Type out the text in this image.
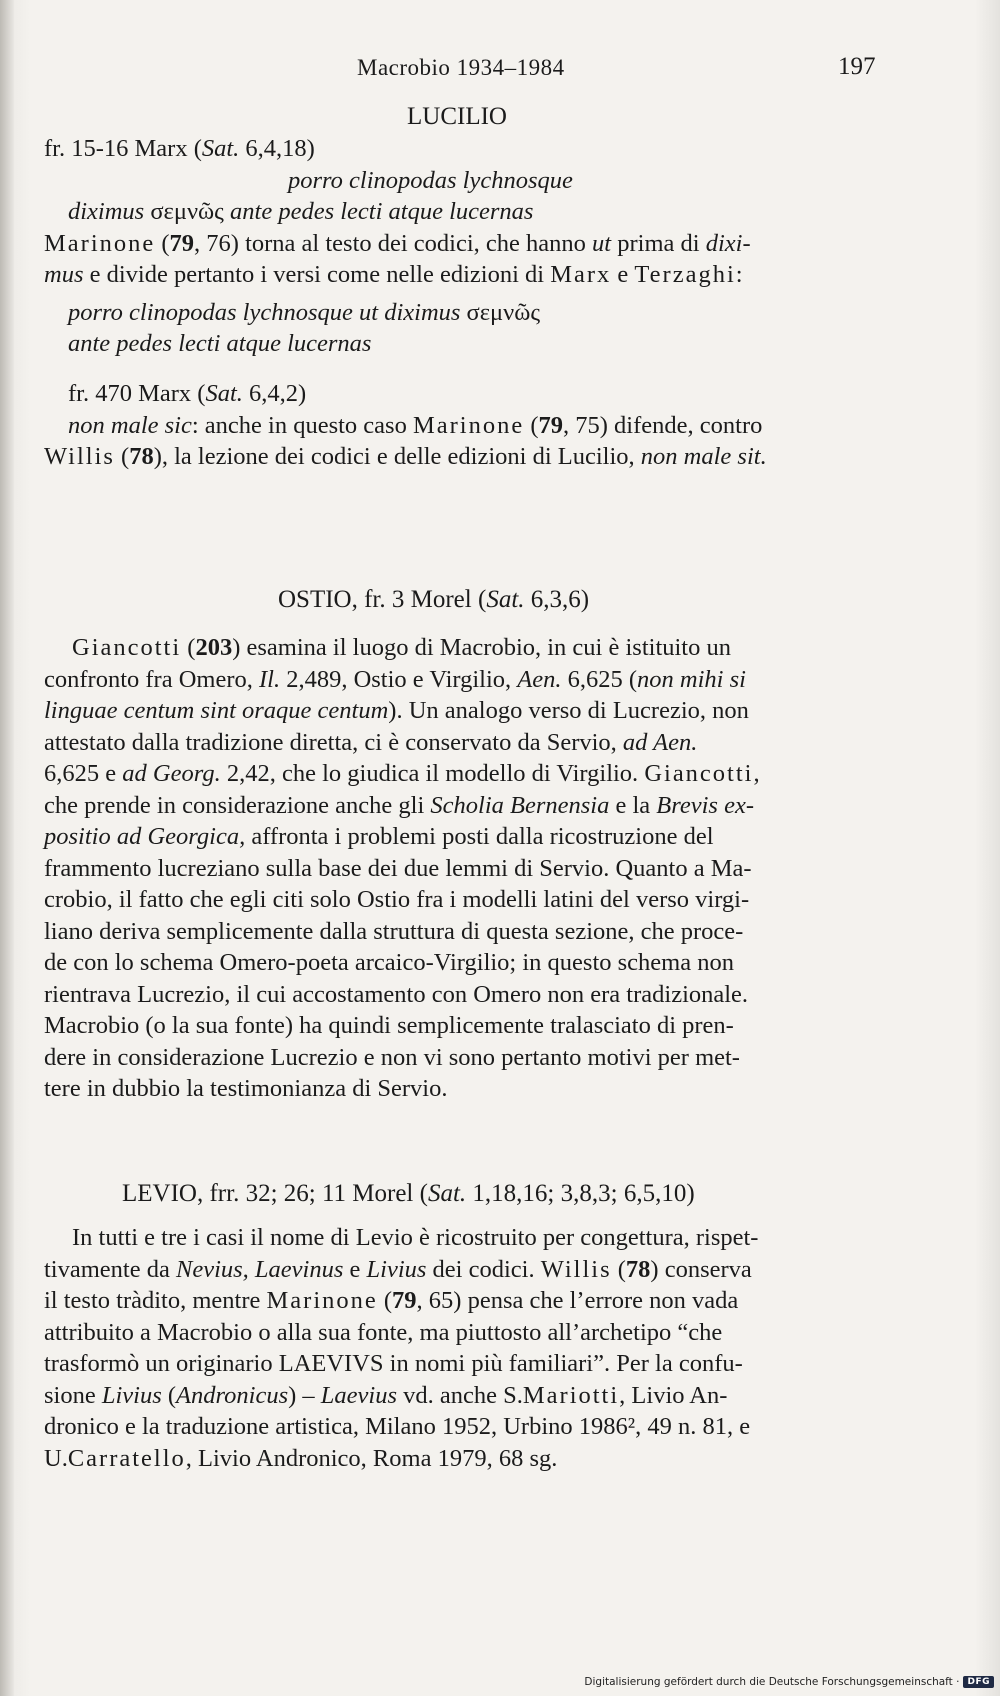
Macrobio 1934–1984	197
LUCILIO
fr. 15-16 Marx (Sat. 6,4,18)
porro clinopodas lychnosque
diximus σεμνῶς ante pedes lecti atque lucernas
Marinone (79, 76) torna al testo dei codici, che hanno ut prima di dixi-
mus e divide pertanto i versi come nelle edizioni di Marx e Terzaghi:
porro clinopodas lychnosque ut diximus σεμνῶς
ante pedes lecti atque lucernas
fr. 470 Marx (Sat. 6,4,2)
non male sic: anche in questo caso Marinone (79, 75) difende, contro
Willis (78), la lezione dei codici e delle edizioni di Lucilio, non male sit.
OSTIO, fr. 3 Morel (Sat. 6,3,6)
Giancotti (203) esamina il luogo di Macrobio, in cui è istituito un
confronto fra Omero, Il. 2,489, Ostio e Virgilio, Aen. 6,625 (non mihi si
linguae centum sint oraque centum). Un analogo verso di Lucrezio, non
attestato dalla tradizione diretta, ci è conservato da Servio, ad Aen.
6,625 e ad Georg. 2,42, che lo giudica il modello di Virgilio. Giancotti,
che prende in considerazione anche gli Scholia Bernensia e la Brevis ex-
positio ad Georgica, affronta i problemi posti dalla ricostruzione del
frammento lucreziano sulla base dei due lemmi di Servio. Quanto a Ma-
crobio, il fatto che egli citi solo Ostio fra i modelli latini del verso virgi-
liano deriva semplicemente dalla struttura di questa sezione, che proce-
de con lo schema Omero-poeta arcaico-Virgilio; in questo schema non
rientrava Lucrezio, il cui accostamento con Omero non era tradizionale.
Macrobio (o la sua fonte) ha quindi semplicemente tralasciato di pren-
dere in considerazione Lucrezio e non vi sono pertanto motivi per met-
tere in dubbio la testimonianza di Servio.
LEVIO, frr. 32; 26; 11 Morel (Sat. 1,18,16; 3,8,3; 6,5,10)
In tutti e tre i casi il nome di Levio è ricostruito per congettura, rispet-
tivamente da Nevius, Laevinus e Livius dei codici. Willis (78) conserva
il testo tràdito, mentre Marinone (79, 65) pensa che l’errore non vada
attribuito a Macrobio o alla sua fonte, ma piuttosto all’archetipo “che
trasformò un originario LAEVIVS in nomi più familiari”. Per la confu-
sione Livius (Andronicus) – Laevius vd. anche S.Mariotti, Livio An-
dronico e la traduzione artistica, Milano 1952, Urbino 1986², 49 n. 81, e
U.Carratello, Livio Andronico, Roma 1979, 68 sg.
Digitalisierung gefördert durch die Deutsche Forschungsgemeinschaft · DFG
